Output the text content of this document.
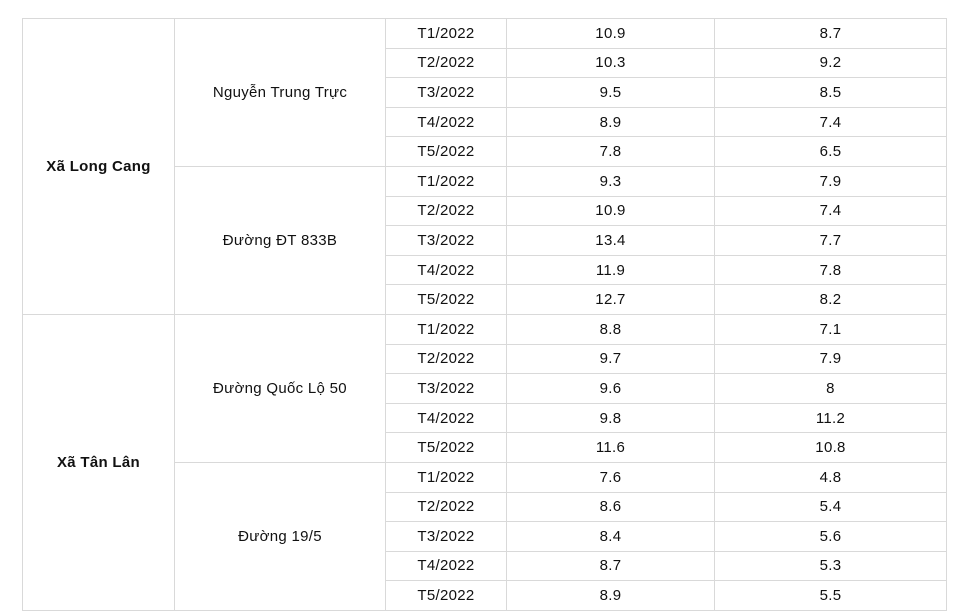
Xã Long Cang	Nguyễn Trung Trực	T1/2022	10.9	8.7
		T2/2022	10.3	9.2
		T3/2022	9.5	8.5
		T4/2022	8.9	7.4
		T5/2022	7.8	6.5
	Đường ĐT 833B	T1/2022	9.3	7.9
		T2/2022	10.9	7.4
		T3/2022	13.4	7.7
		T4/2022	11.9	7.8
		T5/2022	12.7	8.2
Xã Tân Lân	Đường Quốc Lộ 50	T1/2022	8.8	7.1
		T2/2022	9.7	7.9
		T3/2022	9.6	8
		T4/2022	9.8	11.2
		T5/2022	11.6	10.8
	Đường 19/5	T1/2022	7.6	4.8
		T2/2022	8.6	5.4
		T3/2022	8.4	5.6
		T4/2022	8.7	5.3
		T5/2022	8.9	5.5
